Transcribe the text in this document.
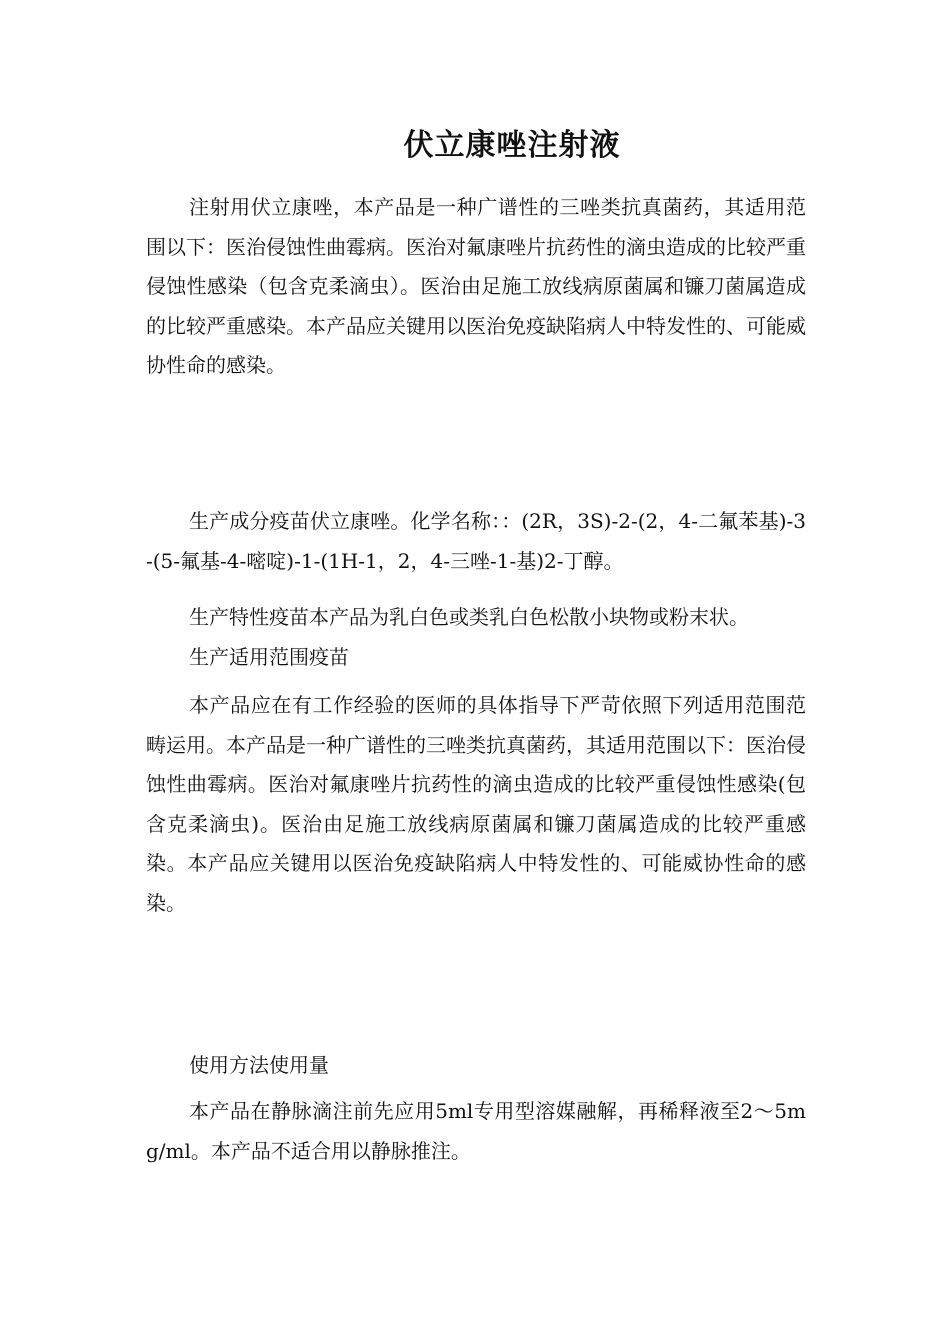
伏立康唑注射液

注射用伏立康唑，本产品是一种广谱性的三唑类抗真菌药，其适用范围以下：医治侵蚀性曲霉病。医治对氟康唑片抗药性的滴虫造成的比较严重侵蚀性感染（包含克柔滴虫）。医治由足施工放线病原菌属和镰刀菌属造成的比较严重感染。本产品应关键用以医治免疫缺陷病人中特发性的、可能威协性命的感染。

生产成分疫苗伏立康唑。化学名称：：(2R，3S)-2-(2，4-二氟苯基)-3-(5-氟基-4-嘧啶)-1-(1H-1，2，4-三唑-1-基)2-丁醇。

生产特性疫苗本产品为乳白色或类乳白色松散小块物或粉末状。

生产适用范围疫苗

本产品应在有工作经验的医师的具体指导下严苛依照下列适用范围范畴运用。本产品是一种广谱性的三唑类抗真菌药，其适用范围以下：医治侵蚀性曲霉病。医治对氟康唑片抗药性的滴虫造成的比较严重侵蚀性感染(包含克柔滴虫)。医治由足施工放线病原菌属和镰刀菌属造成的比较严重感染。本产品应关键用以医治免疫缺陷病人中特发性的、可能威协性命的感染。

使用方法使用量

本产品在静脉滴注前先应用5ml专用型溶媒融解，再稀释液至2～5mg/ml。本产品不适合用以静脉推注。
